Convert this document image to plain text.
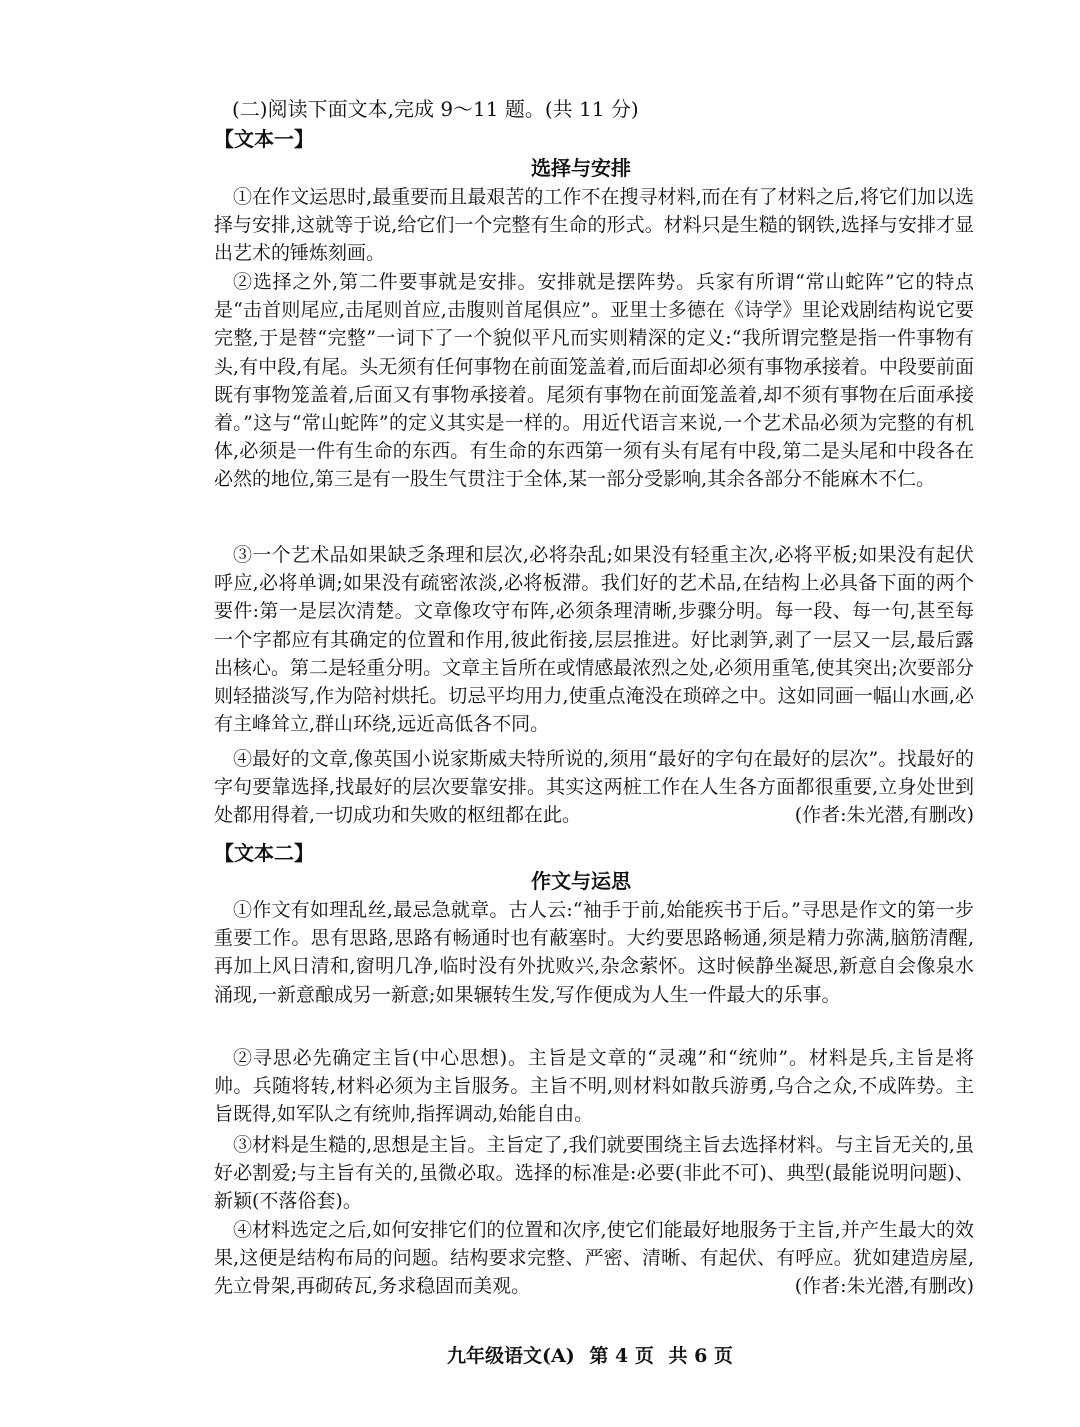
(二)阅读下面文本,完成 9～11 题。(共 11 分)
【文本一】
选择与安排

①在作文运思时,最重要而且最艰苦的工作不在搜寻材料,而在有了材料之后,将它们加以选择与安排,这就等于说,给它们一个完整有生命的形式。材料只是生糙的钢铁,选择与安排才显出艺术的锤炼刻画。

②选择之外,第二件要事就是安排。安排就是摆阵势。兵家有所谓“常山蛇阵”它的特点是“击首则尾应,击尾则首应,击腹则首尾俱应”。亚里士多德在《诗学》里论戏剧结构说它要完整,于是替“完整”一词下了一个貌似平凡而实则精深的定义:“我所谓完整是指一件事物有头,有中段,有尾。头无须有任何事物在前面笼盖着,而后面却必须有事物承接着。中段要前面既有事物笼盖着,后面又有事物承接着。尾须有事物在前面笼盖着,却不须有事物在后面承接着。”这与“常山蛇阵”的定义其实是一样的。用近代语言来说,一个艺术品必须为完整的有机体,必须是一件有生命的东西。有生命的东西第一须有头有尾有中段,第二是头尾和中段各在必然的地位,第三是有一股生气贯注于全体,某一部分受影响,其余各部分不能麻木不仁。

③一个艺术品如果缺乏条理和层次,必将杂乱;如果没有轻重主次,必将平板;如果没有起伏呼应,必将单调;如果没有疏密浓淡,必将板滞。我们好的艺术品,在结构上必具备下面的两个要件:第一是层次清楚。文章像攻守布阵,必须条理清晰,步骤分明。每一段、每一句,甚至每一个字都应有其确定的位置和作用,彼此衔接,层层推进。好比剥笋,剥了一层又一层,最后露出核心。第二是轻重分明。文章主旨所在或情感最浓烈之处,必须用重笔,使其突出;次要部分则轻描淡写,作为陪衬烘托。切忌平均用力,使重点淹没在琐碎之中。这如同画一幅山水画,必有主峰耸立,群山环绕,远近高低各不同。

④最好的文章,像英国小说家斯威夫特所说的,须用“最好的字句在最好的层次”。找最好的字句要靠选择,找最好的层次要靠安排。其实这两桩工作在人生各方面都很重要,立身处世到处都用得着,一切成功和失败的枢纽都在此。	(作者:朱光潜,有删改)

【文本二】
作文与运思

①作文有如理乱丝,最忌急就章。古人云:“袖手于前,始能疾书于后。”寻思是作文的第一步重要工作。思有思路,思路有畅通时也有蔽塞时。大约要思路畅通,须是精力弥满,脑筋清醒,再加上风日清和,窗明几净,临时没有外扰败兴,杂念萦怀。这时候静坐凝思,新意自会像泉水涌现,一新意酿成另一新意;如果辗转生发,写作便成为人生一件最大的乐事。

②寻思必先确定主旨(中心思想)。主旨是文章的“灵魂”和“统帅”。材料是兵,主旨是将帅。兵随将转,材料必须为主旨服务。主旨不明,则材料如散兵游勇,乌合之众,不成阵势。主旨既得,如军队之有统帅,指挥调动,始能自由。

③材料是生糙的,思想是主旨。主旨定了,我们就要围绕主旨去选择材料。与主旨无关的,虽好必割爱;与主旨有关的,虽微必取。选择的标准是:必要(非此不可)、典型(最能说明问题)、新颖(不落俗套)。

④材料选定之后,如何安排它们的位置和次序,使它们能最好地服务于主旨,并产生最大的效果,这便是结构布局的问题。结构要求完整、严密、清晰、有起伏、有呼应。犹如建造房屋,先立骨架,再砌砖瓦,务求稳固而美观。	(作者:朱光潜,有删改)

九年级语文(A) 第 4 页 共 6 页
